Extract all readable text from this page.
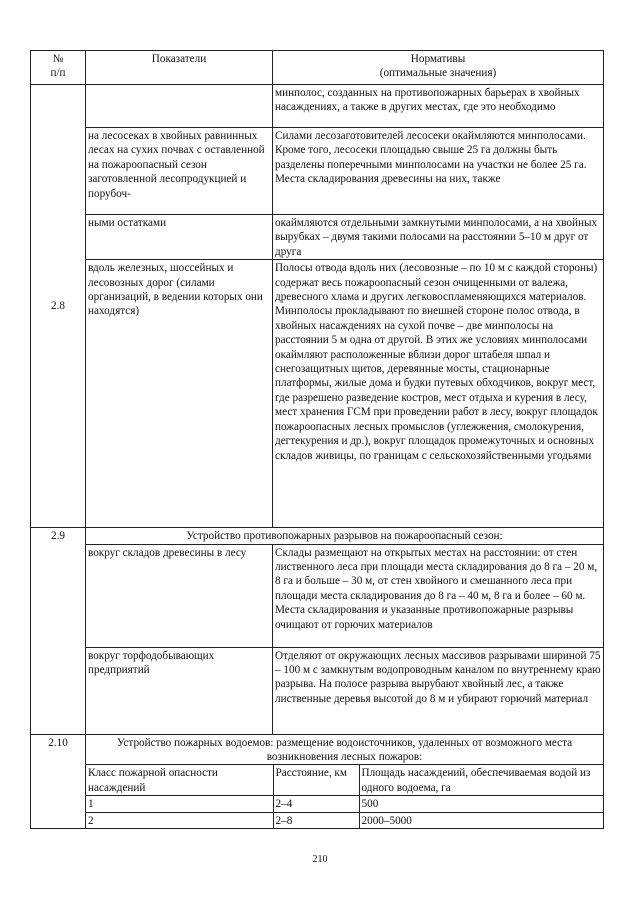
№
п/п
	Показатели	Нормативы
(оптимальные значения)

2.8		минполос, созданных на противопожарных барьерах в хвойных насаждениях, а также в других местах, где это необходимо
на лесосеках в хвойных равнинных лесах на сухих почвах с оставленной на пожароопасный сезон заготовленной лесопродукцией и порубоч-	Силами лесозаготовителей лесосеки окаймляются минполосами. Кроме того, лесосеки площадью свыше 25 га должны быть разделены поперечными минполосами на участки не более 25 га. Места складирования древесины на них, также
ными остатками	окаймляются отдельными замкнутыми минполосами, а на хвойных вырубках – двумя такими полосами на расстоянии 5–10 м друг от друга
вдоль железных, шоссейных и лесовозных дорог (силами организаций, в ведении которых они находятся)	Полосы отвода вдоль них (лесовозные – по 10 м с каждой стороны) содержат весь пожароопасный сезон очищенными от валежа, древесного хлама и других легковоспламеняющихся материалов. Минполосы прокладывают по внешней стороне полос отвода, в хвойных насаждениях на сухой почве – две минполосы на расстоянии 5 м одна от другой. В этих же условиях минполосами окаймляют расположенные вблизи дорог штабеля шпал и снегозащитных щитов, деревянные мосты, стационарные платформы, жилые дома и будки путевых обходчиков, вокруг мест, где разрешено разведение костров, мест отдыха и курения в лесу, мест хранения ГСМ при проведении работ в лесу, вокруг площадок пожароопасных лесных промыслов (углежжения, смолокурения, дегтекурения и др.), вокруг площадок промежуточных и основных складов живицы, по границам с сельскохозяйственными угодьями
2.9	Устройство противопожарных разрывов на пожароопасный сезон:
вокруг складов древесины в лесу	Склады размещают на открытых местах на расстоянии: от стен лиственного леса при площади места складирования до 8 га – 20 м, 8 га и больше – 30 м, от стен хвойного и смешанного леса при площади места складирования до 8 га – 40 м, 8 га и более – 60 м. Места складирования и указанные противопожарные разрывы очищают от горючих материалов
вокруг торфодобывающих предприятий	Отделяют от окружающих лесных массивов разрывами шириной 75 – 100 м с замкнутым водопроводным каналом по внутреннему краю разрыва. На полосе разрыва вырубают хвойный лес, а также лиственные деревья высотой до 8 м и убирают горючий материал
2.10	Устройство пожарных водоемов: размещение водоисточников, удаленных от возможного места возникновения лесных пожаров:

Класс пожарной опасности насаждений	Расстояние, км	Площадь насаждений, обеспечиваемая водой из одного водоема, га
1	2–4	500
2	2–8	2000–5000
210
